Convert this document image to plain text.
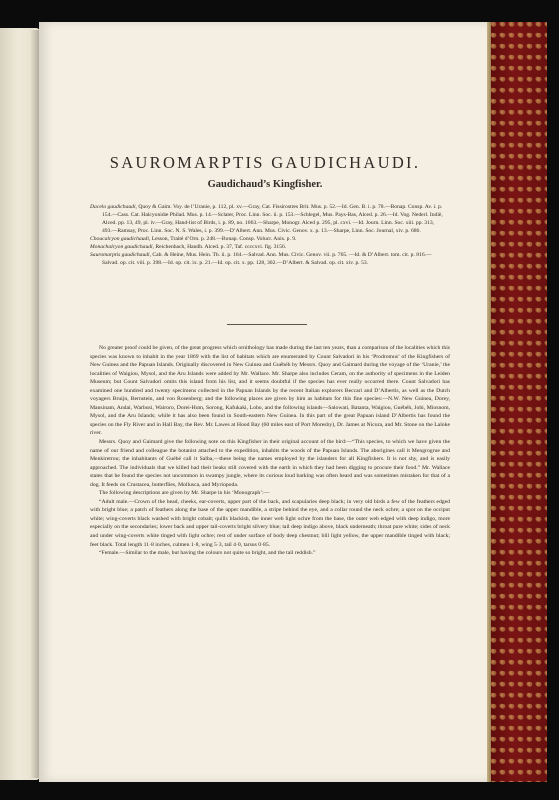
SAUROMARPTIS GAUDICHAUDI.
Gaudichaud’s Kingfisher.

Dacelo gaudichaudi, Quoy & Gaim. Voy. de l’Uranie, p. 112, pl. xv.—Gray, Cat. Fissirostres Brit. Mus. p. 52.—Id. Gen. B. i. p. 78.—Bonap. Consp. Av. i. p. 154.—Cass. Cat. Halcyonidæ Philad. Mus. p. 14.—Sclater, Proc. Linn. Soc. ii. p. 153.—Schlegel, Mus. Pays-Bas, Alced. p. 26.—Id. Vog. Nederl. Indië, Alced. pp. 13, 49, pl. iv.—Gray, Hand-list of Birds, i. p. 89, no. 1063.—Sharpe, Monogr. Alced p. 295, pl. cxvi. —Id. Journ. Linn. Soc. xiii. pp. 313, 493.—Ramsay, Proc. Linn. Soc. N. S. Wales, i. p. 399.—D’Albert. Ann. Mus. Civic. Genov. x. p. 13.—Sharpe, Linn. Soc. Journal, xiv. p. 686.

Choucalcyon gaudichaudi, Lesson, Traité d’Orn. p. 248.—Bonap. Consp. Volucr. Anis. p. 9.

Monachalcyon gaudichaudi, Reichenbach, Handb. Alced. p. 37, Taf. ccccxvi. fig. 3156.

Sauromarptis gaudichaudi, Cab. & Heine, Mus. Hein. Th. ii. p. 164.—Salvad. Ann. Mus. Civic. Genov. vii. p. 765. —Id. & D’Albert. tom. cit. p. 816.—Salvad. op. cit. viii. p. 398.—Id. op. cit. ix. p. 21.—Id. op. cit. x. pp. 128, 302.—D’Albert. & Salvad. op. cit. xiv. p. 53.

No greater proof could be given, of the great progress which ornithology has made during the last ten years, than a comparison of the localities which this species was known to inhabit in the year 1869 with the list of habitats which are enumerated by Count Salvadori in his ‘Prodromus’ of the Kingfishers of New Guinea and the Papuan Islands. Originally discovered in New Guinea and Guébéh by Messrs. Quoy and Gaimard during the voyage of the ‘Uranie,’ the localities of Waigiou, Mysol, and the Aru Islands were added by Mr. Wallace. Mr. Sharpe also includes Ceram, on the authority of specimens in the Leiden Museum; but Count Salvadori omits this island from his list, and it seems doubtful if the species has ever really occurred there. Count Salvadori has examined one hundred and twenty specimens collected in the Papuan Islands by the recent Italian explorers Beccari and D’Albertis, as well as the Dutch voyagers Bruijn, Bernstein, and von Rosenberg; and the following places are given by him as habitats for this fine species:—N.W. New Guinea, Dorey, Mansinam, Andai, Warbusi, Wairoro, Dorei-Hum, Sorong, Kafukaki, Lobo, and the following islands—Salowati, Batanta, Waigiou, Guébéh, Jobi, Miosnom, Mysol, and the Aru Islands; while it has also been found in South-eastern New Guinea. In this part of the great Papuan island D’Albertis has found the species on the Fly River and in Hall Bay, the Rev. Mr. Lawes at Hood Bay (60 miles east of Port Moresby), Dr. James at Nicura, and Mr. Stone on the Laloke river.

Messrs. Quoy and Gaimard give the following note on this Kingfisher in their original account of the bird:—“This species, to which we have given the name of our friend and colleague the botanist attached to the expedition, inhabits the woods of the Papuan Islands. The aborigines call it Mengrogrue and Menkiretrou; the inhabitants of Guébé call it Salba,—these being the names employed by the islanders for all Kingfishers. It is not shy, and is easily approached. The individuals that we killed had their beaks still covered with the earth in which they had been digging to procure their food.” Mr. Wallace states that he found the species not uncommon in swampy jungle, where its curious loud barking was often heard and was sometimes mistaken for that of a dog. It feeds on Crustacea, butterflies, Mollusca, and Myriopoda.

The following descriptions are given by Mr. Sharpe in his ‘Monograph’:—

“Adult male.—Crown of the head, cheeks, ear-coverts, upper part of the back, and scapularies deep black; in very old birds a few of the feathers edged with bright blue; a patch of feathers along the base of the upper mandible, a stripe behind the eye, and a collar round the neck ochre; a spot on the occiput white; wing-coverts black washed with bright cobalt; quills blackish, the inner web light ochre from the base, the outer web edged with deep indigo, more especially on the secondaries; lower back and upper tail-coverts bright silvery blue; tail deep indigo above, black underneath; throat pure white; sides of neck and under wing-coverts white tinged with light ochre; rest of under surface of body deep chestnut; bill light yellow, the upper mandible tinged with black; feet black. Total length 11·8 inches, culmen 1·8, wing 5·3, tail 4·0, tarsus 0·85.

“Female.—Similar to the male, but having the colours not quite so bright, and the tail reddish.”
